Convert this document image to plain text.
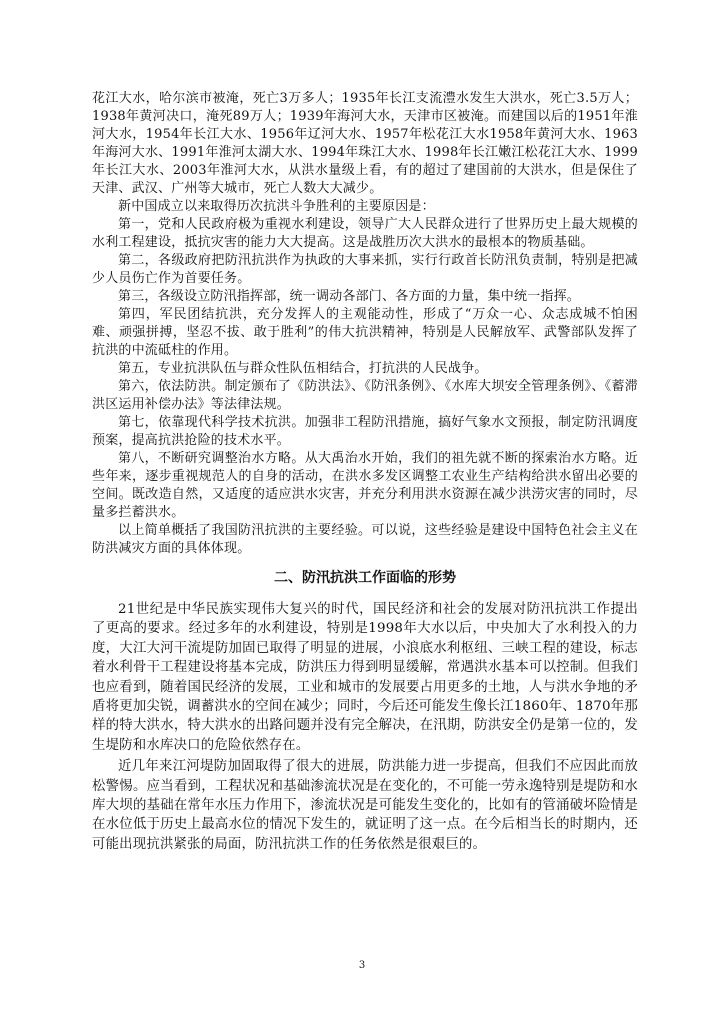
花江大水，哈尔滨市被淹，死亡3万多人；1935年长江支流澧水发生大洪水，死亡3.5万人；1938年黄河决口，淹死89万人；1939年海河大水，天津市区被淹。而建国以后的1951年淮河大水，1954年长江大水、1956年辽河大水、1957年松花江大水1958年黄河大水、1963年海河大水、1991年淮河太湖大水、1994年珠江大水、1998年长江嫩江松花江大水、1999年长江大水、2003年淮河大水，从洪水量级上看，有的超过了建国前的大洪水，但是保住了天津、武汉、广州等大城市，死亡人数大大减少。

新中国成立以来取得历次抗洪斗争胜利的主要原因是：

第一，党和人民政府极为重视水利建设，领导广大人民群众进行了世界历史上最大规模的水利工程建设，抵抗灾害的能力大大提高。这是战胜历次大洪水的最根本的物质基础。

第二，各级政府把防汛抗洪作为执政的大事来抓，实行行政首长防汛负责制，特别是把减少人员伤亡作为首要任务。

第三，各级设立防汛指挥部，统一调动各部门、各方面的力量，集中统一指挥。

第四，军民团结抗洪，充分发挥人的主观能动性，形成了“万众一心、众志成城不怕困难、顽强拼搏，坚忍不拔、敢于胜利”的伟大抗洪精神，特别是人民解放军、武警部队发挥了抗洪的中流砥柱的作用。

第五，专业抗洪队伍与群众性队伍相结合，打抗洪的人民战争。

第六，依法防洪。制定颁布了《防洪法》、《防汛条例》、《水库大坝安全管理条例》、《蓄滞洪区运用补偿办法》等法律法规。

第七，依靠现代科学技术抗洪。加强非工程防汛措施，搞好气象水文预报，制定防汛调度预案，提高抗洪抢险的技术水平。

第八，不断研究调整治水方略。从大禹治水开始，我们的祖先就不断的探索治水方略。近些年来，逐步重视规范人的自身的活动，在洪水多发区调整工农业生产结构给洪水留出必要的空间。既改造自然，又适度的适应洪水灾害，并充分利用洪水资源在减少洪涝灾害的同时，尽量多拦蓄洪水。

以上简单概括了我国防汛抗洪的主要经验。可以说，这些经验是建设中国特色社会主义在防洪减灾方面的具体体现。

二、防汛抗洪工作面临的形势

21世纪是中华民族实现伟大复兴的时代，国民经济和社会的发展对防汛抗洪工作提出了更高的要求。经过多年的水利建设，特别是1998年大水以后，中央加大了水利投入的力度，大江大河干流堤防加固已取得了明显的进展，小浪底水利枢纽、三峡工程的建设，标志着水利骨干工程建设将基本完成，防洪压力得到明显缓解，常遇洪水基本可以控制。但我们也应看到，随着国民经济的发展，工业和城市的发展要占用更多的土地，人与洪水争地的矛盾将更加尖锐，调蓄洪水的空间在减少；同时，今后还可能发生像长江1860年、1870年那样的特大洪水，特大洪水的出路问题并没有完全解决，在汛期，防洪安全仍是第一位的，发生堤防和水库决口的危险依然存在。

近几年来江河堤防加固取得了很大的进展，防洪能力进一步提高，但我们不应因此而放松警惕。应当看到，工程状况和基础渗流状况是在变化的，不可能一劳永逸特别是堤防和水库大坝的基础在常年水压力作用下，渗流状况是可能发生变化的，比如有的管涌破坏险情是在水位低于历史上最高水位的情况下发生的，就证明了这一点。在今后相当长的时期内，还可能出现抗洪紧张的局面，防汛抗洪工作的任务依然是很艰巨的。

3
